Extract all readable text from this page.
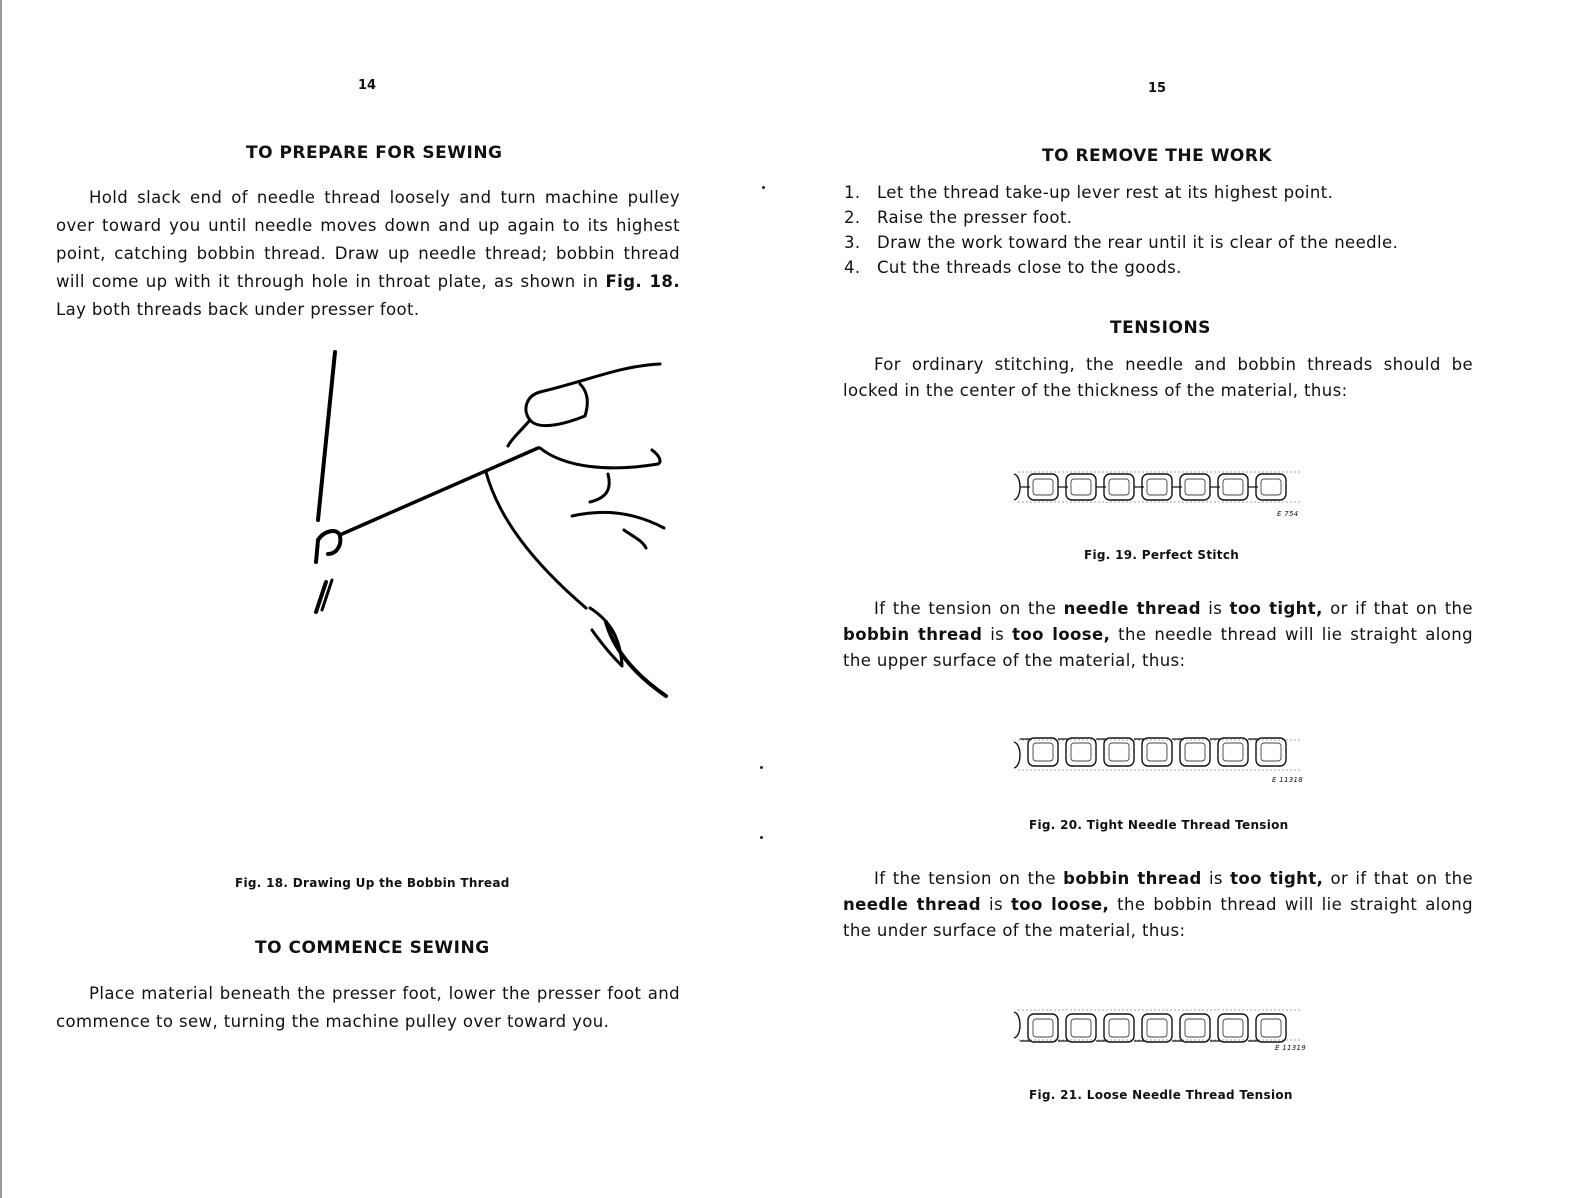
14
TO PREPARE FOR SEWING

Hold slack end of needle thread loosely and turn machine pulley over toward you until needle moves down and up again to its highest point, catching bobbin thread. Draw up needle thread; bobbin thread will come up with it through hole in throat plate, as shown in Fig. 18. Lay both threads back under presser foot.

Fig. 18. Drawing Up the Bobbin Thread
TO COMMENCE SEWING

Place material beneath the presser foot, lower the presser foot and commence to sew, turning the machine pulley over toward you.

15
TO REMOVE THE WORK
1. Let the thread take-up lever rest at its highest point.
2. Raise the presser foot.
3. Draw the work toward the rear until it is clear of the needle.
4. Cut the threads close to the goods.
TENSIONS

For ordinary stitching, the needle and bobbin threads should be locked in the center of the thickness of the material, thus:

E 754
Fig. 19. Perfect Stitch

If the tension on the needle thread is too tight, or if that on the bobbin thread is too loose, the needle thread will lie straight along the upper surface of the material, thus:

E 11318
Fig. 20. Tight Needle Thread Tension

If the tension on the bobbin thread is too tight, or if that on the needle thread is too loose, the bobbin thread will lie straight along the under surface of the material, thus:

E 11319
Fig. 21. Loose Needle Thread Tension
